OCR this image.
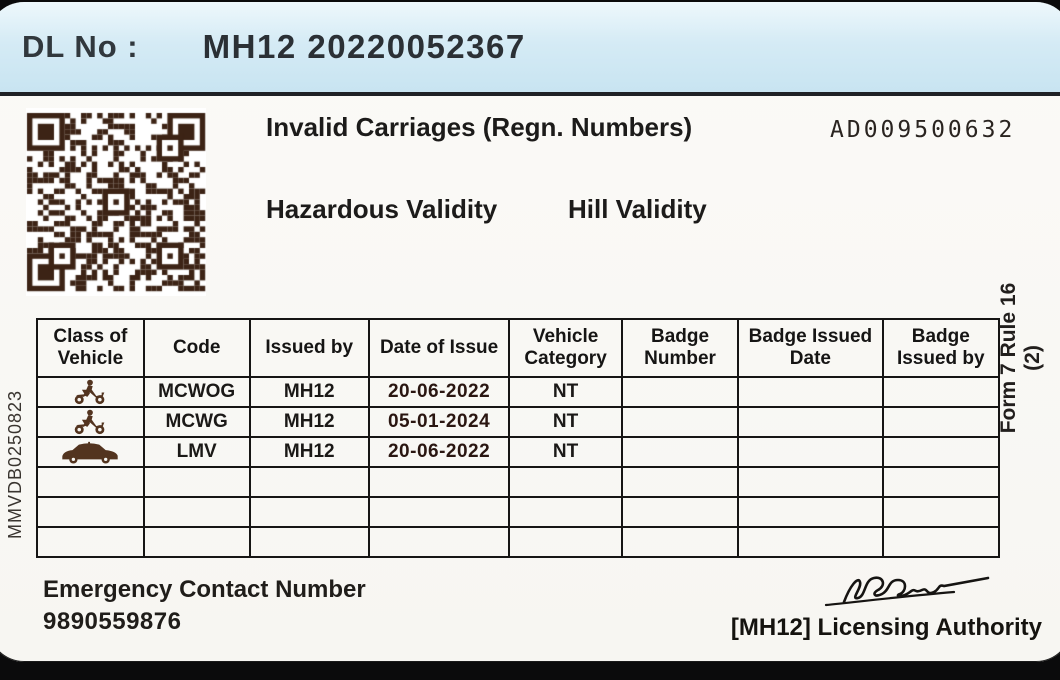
DL No : MH12 20220052367
Invalid Carriages (Regn. Numbers)	AD009500632
Hazardous Validity	Hill Validity
Class of Vehicle	Code	Issued by	Date of Issue	Vehicle Category	Badge Number	Badge Issued Date	Badge Issued by
	MCWOG	MH12	20-06-2022	NT			
	MCWG	MH12	05-01-2024	NT			
	LMV	MH12	20-06-2022	NT			

MMVDB0250823
Form 7 Rule 16 (2)
Emergency Contact Number
9890559876	[MH12] Licensing Authority
